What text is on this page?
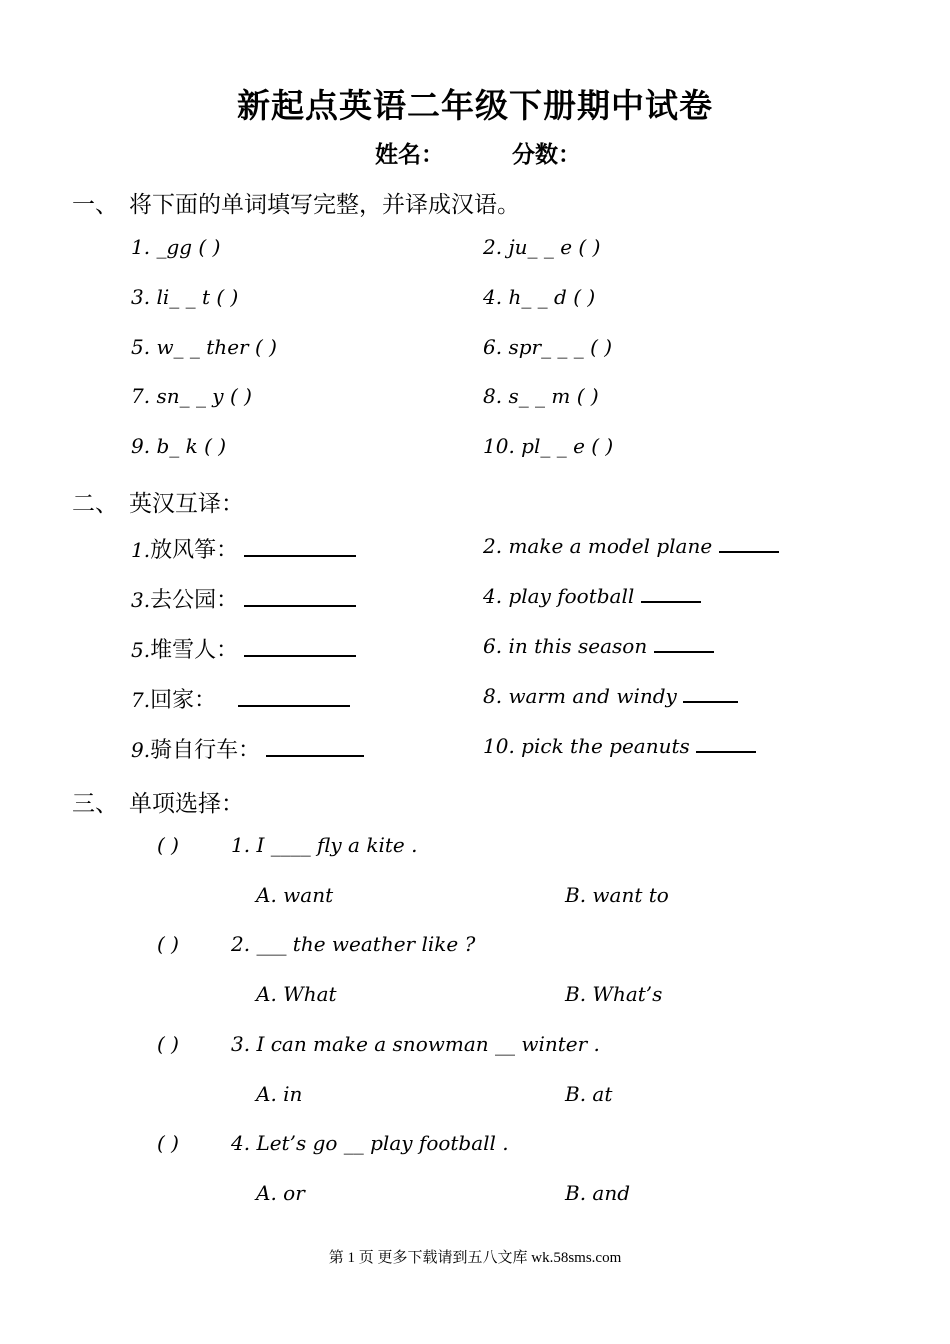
新起点英语二年级下册期中试卷
姓名：	分数：
一、 将下面的单词填写完整，并译成汉语。
1. _gg ( )	2. ju_ _ e ( )
3. li_ _ t ( )	4. h_ _ d ( )
5. w_ _ ther ( )	6. spr_ _ _ ( )
7. sn_ _ y ( )	8. s_ _ m ( )
9. b_ k ( )	10. pl_ _ e ( )
二、 英汉互译：
1.放风筝：	2. make a model plane
3.去公园：	4. play football
5.堆雪人：	6. in this season
7.回家：	8. warm and windy
9.骑自行车：	10. pick the peanuts
三、 单项选择：
( )	1. I ____ fly a kite .
A. want	B. want to
( )	2. ___ the weather like ?
A. What	B. What’s
( )	3. I can make a snowman __ winter .
A. in	B. at
( )	4. Let’s go __ play football .
A. or	B. and
第 1 页 更多下载请到五八文库 wk.58sms.com
